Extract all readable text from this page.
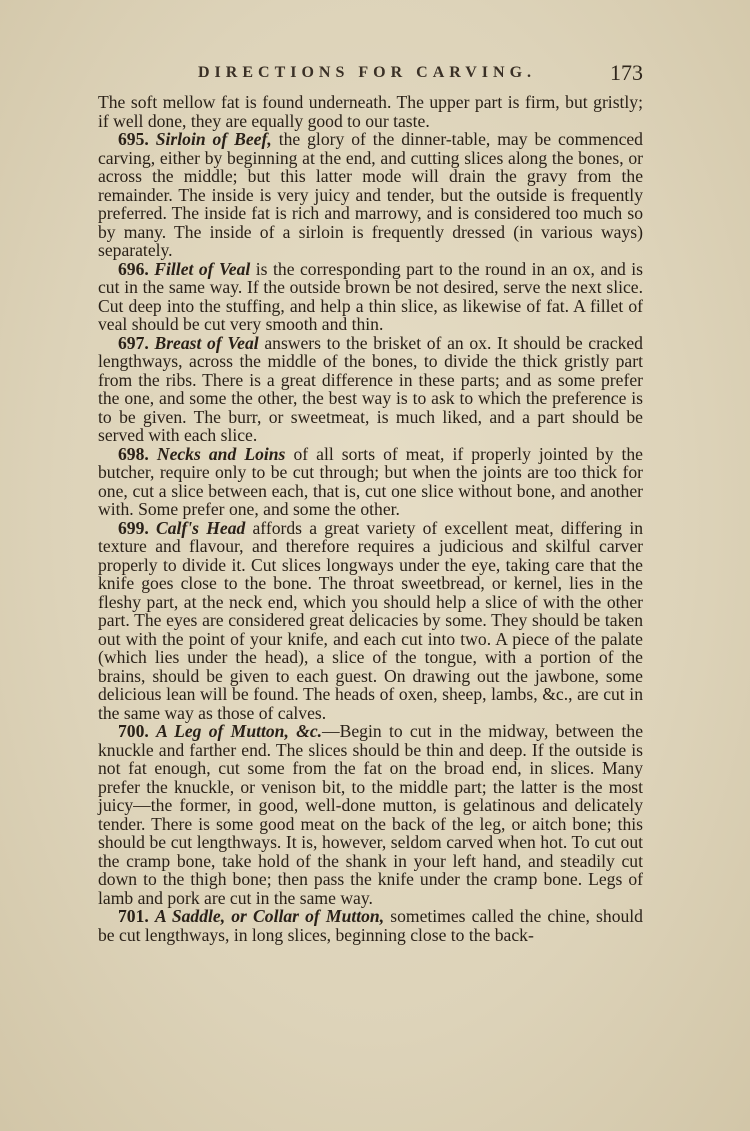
DIRECTIONS FOR CARVING.	173

The soft mellow fat is found underneath. The upper part is firm, but gristly; if well done, they are equally good to our taste.

695. Sirloin of Beef, the glory of the dinner-table, may be commenced carving, either by beginning at the end, and cutting slices along the bones, or across the middle; but this latter mode will drain the gravy from the remainder. The inside is very juicy and tender, but the outside is frequently preferred. The inside fat is rich and marrowy, and is considered too much so by many. The inside of a sirloin is frequently dressed (in various ways) separately.

696. Fillet of Veal is the corresponding part to the round in an ox, and is cut in the same way. If the outside brown be not desired, serve the next slice. Cut deep into the stuffing, and help a thin slice, as likewise of fat. A fillet of veal should be cut very smooth and thin.

697. Breast of Veal answers to the brisket of an ox. It should be cracked lengthways, across the middle of the bones, to divide the thick gristly part from the ribs. There is a great difference in these parts; and as some prefer the one, and some the other, the best way is to ask to which the preference is to be given. The burr, or sweetmeat, is much liked, and a part should be served with each slice.

698. Necks and Loins of all sorts of meat, if properly jointed by the butcher, require only to be cut through; but when the joints are too thick for one, cut a slice between each, that is, cut one slice without bone, and another with. Some prefer one, and some the other.

699. Calf's Head affords a great variety of excellent meat, differing in texture and flavour, and therefore requires a judicious and skilful carver properly to divide it. Cut slices longways under the eye, taking care that the knife goes close to the bone. The throat sweetbread, or kernel, lies in the fleshy part, at the neck end, which you should help a slice of with the other part. The eyes are considered great delicacies by some. They should be taken out with the point of your knife, and each cut into two. A piece of the palate (which lies under the head), a slice of the tongue, with a portion of the brains, should be given to each guest. On drawing out the jawbone, some delicious lean will be found. The heads of oxen, sheep, lambs, &c., are cut in the same way as those of calves.

700. A Leg of Mutton, &c.—Begin to cut in the midway, between the knuckle and farther end. The slices should be thin and deep. If the outside is not fat enough, cut some from the fat on the broad end, in slices. Many prefer the knuckle, or venison bit, to the middle part; the latter is the most juicy—the former, in good, well-done mutton, is gelatinous and delicately tender. There is some good meat on the back of the leg, or aitch bone; this should be cut lengthways. It is, however, seldom carved when hot. To cut out the cramp bone, take hold of the shank in your left hand, and steadily cut down to the thigh bone; then pass the knife under the cramp bone. Legs of lamb and pork are cut in the same way.

701. A Saddle, or Collar of Mutton, sometimes called the chine, should be cut lengthways, in long slices, beginning close to the back-
